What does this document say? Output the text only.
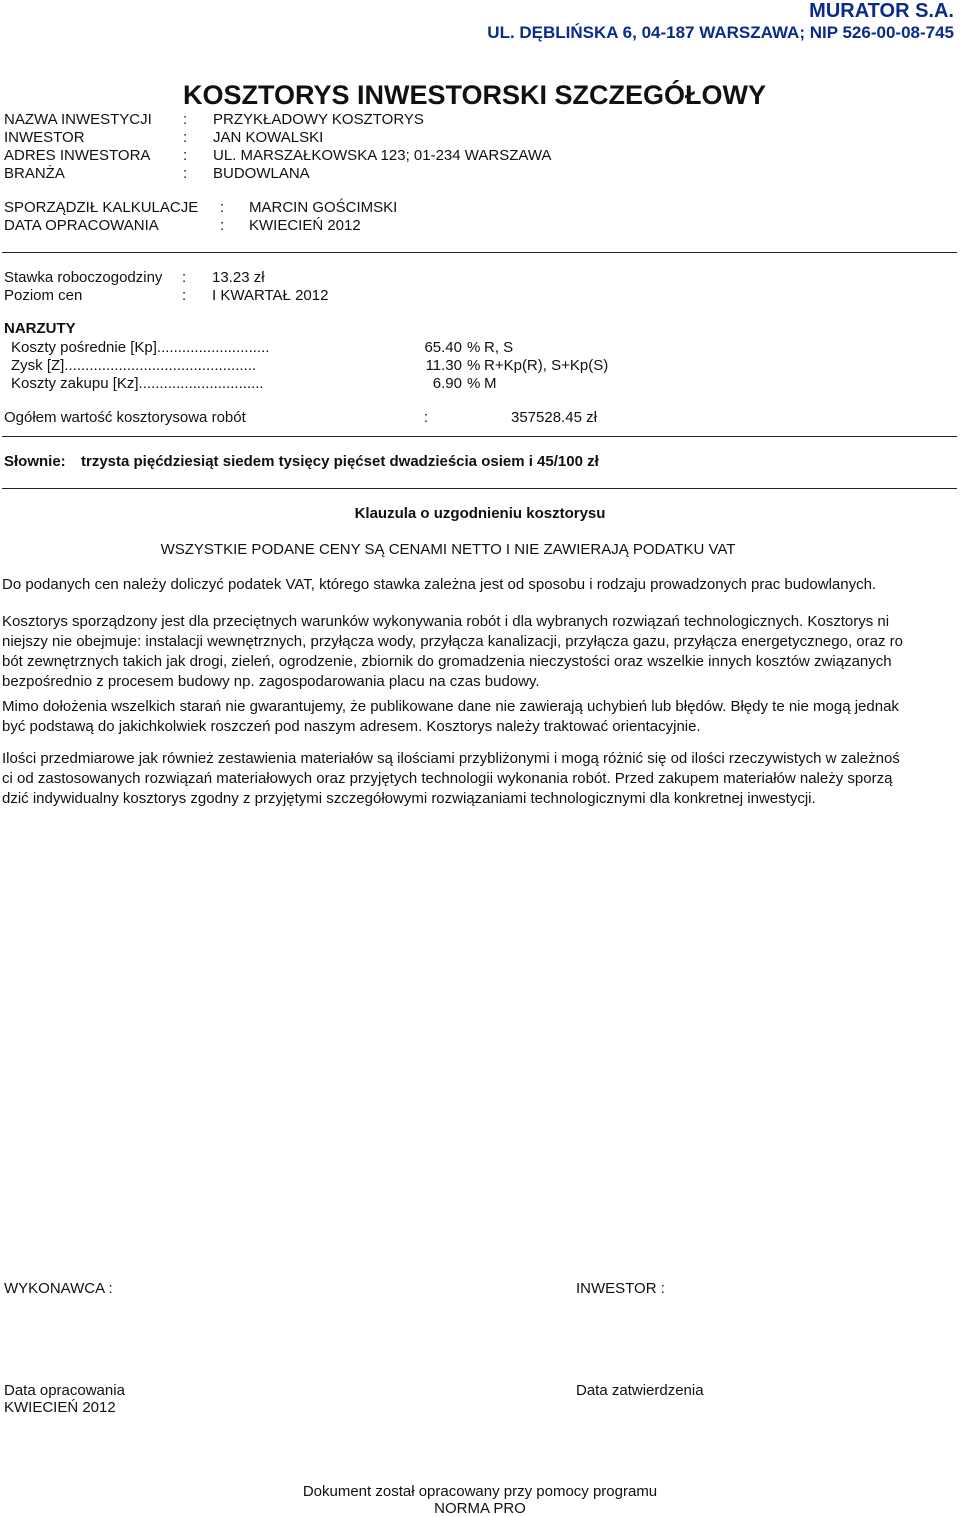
MURATOR S.A.
UL. DĘBLIŃSKA 6, 04-187 WARSZAWA; NIP 526-00-08-745
KOSZTORYS INWESTORSKI SZCZEGÓŁOWY
NAZWA INWESTYCJI : PRZYKŁADOWY KOSZTORYS
INWESTOR	: JAN KOWALSKI
ADRES INWESTORA : UL. MARSZAŁKOWSKA 123; 01-234 WARSZAWA
BRANŻA	: BUDOWLANA
SPORZĄDZIŁ KALKULACJE : MARCIN GOŚCIMSKI
DATA OPRACOWANIA	: KWIECIEŃ 2012
Stawka roboczogodziny : 13.23 zł
Poziom cen	: I KWARTAŁ 2012
NARZUTY
Koszty pośrednie [Kp]...........................	65.40 % R, S
Zysk [Z]..............................................	11.30 % R+Kp(R), S+Kp(S)
Koszty zakupu [Kz]..............................	6.90 % M
Ogółem wartość kosztorysowa robót	:	357528.45 zł
Słownie: trzysta pięćdziesiąt siedem tysięcy pięćset dwadzieścia osiem i 45/100 zł
Klauzula o uzgodnieniu kosztorysu
WSZYSTKIE PODANE CENY SĄ CENAMI NETTO I NIE ZAWIERAJĄ PODATKU VAT

Do podanych cen należy doliczyć podatek VAT, którego stawka zależna jest od sposobu i rodzaju prowadzonych prac budowlanych.

Kosztorys sporządzony jest dla przeciętnych warunków wykonywania robót i dla wybranych rozwiązań technologicznych. Kosztorys ni

niejszy nie obejmuje: instalacji wewnętrznych, przyłącza wody, przyłącza kanalizacji, przyłącza gazu, przyłącza energetycznego, oraz ro

bót zewnętrznych takich jak drogi, zieleń, ogrodzenie, zbiornik do gromadzenia nieczystości oraz wszelkie innych kosztów związanych

bezpośrednio z procesem budowy np. zagospodarowania placu na czas budowy.

Mimo dołożenia wszelkich starań nie gwarantujemy, że publikowane dane nie zawierają uchybień lub błędów. Błędy te nie mogą jednak

być podstawą do jakichkolwiek roszczeń pod naszym adresem. Kosztorys należy traktować orientacyjnie.

Ilości przedmiarowe jak również zestawienia materiałów są ilościami przybliżonymi i mogą różnić się od ilości rzeczywistych w zależnoś

ci od zastosowanych rozwiązań materiałowych oraz przyjętych technologii wykonania robót. Przed zakupem materiałów należy sporzą

dzić indywidualny kosztorys zgodny z przyjętymi szczegółowymi rozwiązaniami technologicznymi dla konkretnej inwestycji.

WYKONAWCA :	INWESTOR :
Data opracowania
KWIECIEŃ 2012
Data zatwierdzenia
Dokument został opracowany przy pomocy programu
NORMA PRO
